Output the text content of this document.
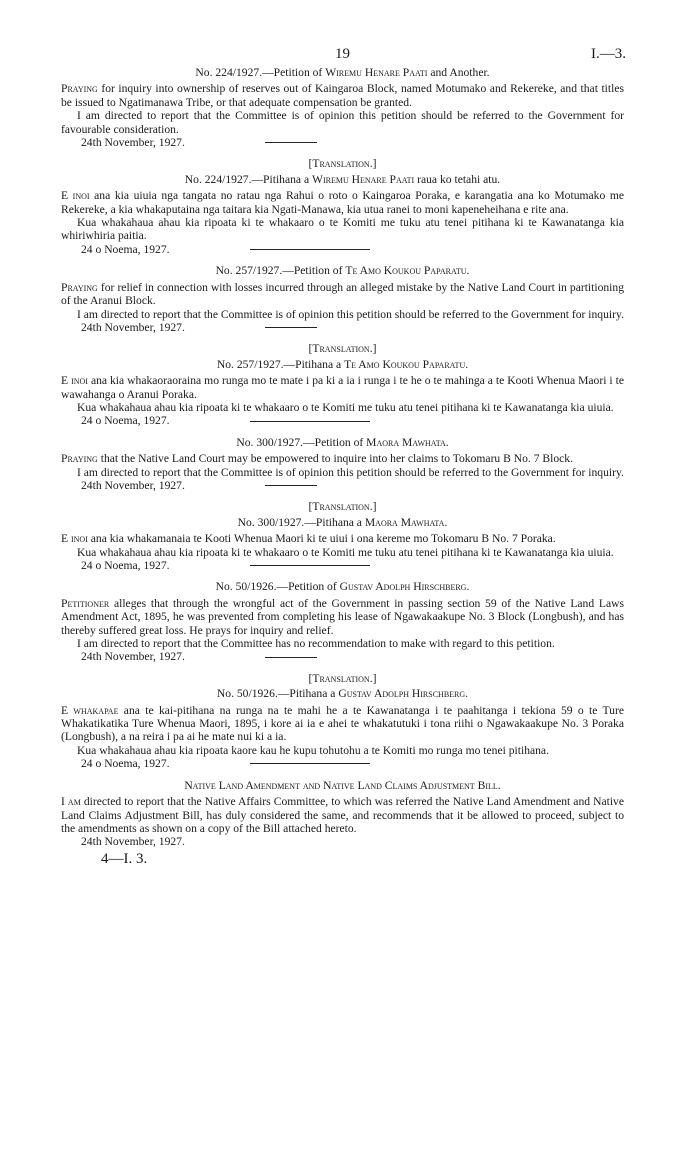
19	I.—3.
No. 224/1927.—Petition of Wiremu Henare Paati and Another.

Praying for inquiry into ownership of reserves out of Kaingaroa Block, named Motumako and Rekereke, and that titles be issued to Ngatimanawa Tribe, or that adequate compensation be granted.

I am directed to report that the Committee is of opinion this petition should be referred to the Government for favourable consideration.

24th November, 1927.
[Translation.]
No. 224/1927.—Pitihana a Wiremu Henare Paati raua ko tetahi atu.

E inoi ana kia uiuia nga tangata no ratau nga Rahui o roto o Kaingaroa Poraka, e karangatia ana ko Motumako me Rekereke, a kia whakaputaina nga taitara kia Ngati-Manawa, kia utua ranei to moni kapeneheihana e rite ana.

Kua whakahaua ahau kia ripoata ki te whakaaro o te Komiti me tuku atu tenei pitihana ki te Kawanatanga kia whiriwhiria paitia.

24 o Noema, 1927.
No. 257/1927.—Petition of Te Amo Koukou Paparatu.

Praying for relief in connection with losses incurred through an alleged mistake by the Native Land Court in partitioning of the Aranui Block.

I am directed to report that the Committee is of opinion this petition should be referred to the Government for inquiry.

24th November, 1927.
[Translation.]
No. 257/1927.—Pitihana a Te Amo Koukou Paparatu.

E inoi ana kia whakaoraoraina mo runga mo te mate i pa ki a ia i runga i te he o te mahinga a te Kooti Whenua Maori i te wawahanga o Aranui Poraka.

Kua whakahaua ahau kia ripoata ki te whakaaro o te Komiti me tuku atu tenei pitihana ki te Kawanatanga kia uiuia.

24 o Noema, 1927.
No. 300/1927.—Petition of Maora Mawhata.

Praying that the Native Land Court may be empowered to inquire into her claims to Tokomaru B No. 7 Block.

I am directed to report that the Committee is of opinion this petition should be referred to the Government for inquiry.

24th November, 1927.
[Translation.]
No. 300/1927.—Pitihana a Maora Mawhata.

E inoi ana kia whakamanaia te Kooti Whenua Maori ki te uiui i ona kereme mo Tokomaru B No. 7 Poraka.

Kua whakahaua ahau kia ripoata ki te whakaaro o te Komiti me tuku atu tenei pitihana ki te Kawanatanga kia uiuia.

24 o Noema, 1927.
No. 50/1926.—Petition of Gustav Adolph Hirschberg.

Petitioner alleges that through the wrongful act of the Government in passing section 59 of the Native Land Laws Amendment Act, 1895, he was prevented from completing his lease of Ngawakaakupe No. 3 Block (Longbush), and has thereby suffered great loss. He prays for inquiry and relief.

I am directed to report that the Committee has no recommendation to make with regard to this petition.

24th November, 1927.
[Translation.]
No. 50/1926.—Pitihana a Gustav Adolph Hirschberg.

E whakapae ana te kai-pitihana na runga na te mahi he a te Kawanatanga i te paahitanga i tekiona 59 o te Ture Whakatikatika Ture Whenua Maori, 1895, i kore ai ia e ahei te whakatutuki i tona riihi o Ngawakaakupe No. 3 Poraka (Longbush), a na reira i pa ai he mate nui ki a ia.

Kua whakahaua ahau kia ripoata kaore kau he kupu tohutohu a te Komiti mo runga mo tenei pitihana.

24 o Noema, 1927.
Native Land Amendment and Native Land Claims Adjustment Bill.

I am directed to report that the Native Affairs Committee, to which was referred the Native Land Amendment and Native Land Claims Adjustment Bill, has duly considered the same, and recommends that it be allowed to proceed, subject to the amendments as shown on a copy of the Bill attached hereto.

24th November, 1927.
4—I. 3.
